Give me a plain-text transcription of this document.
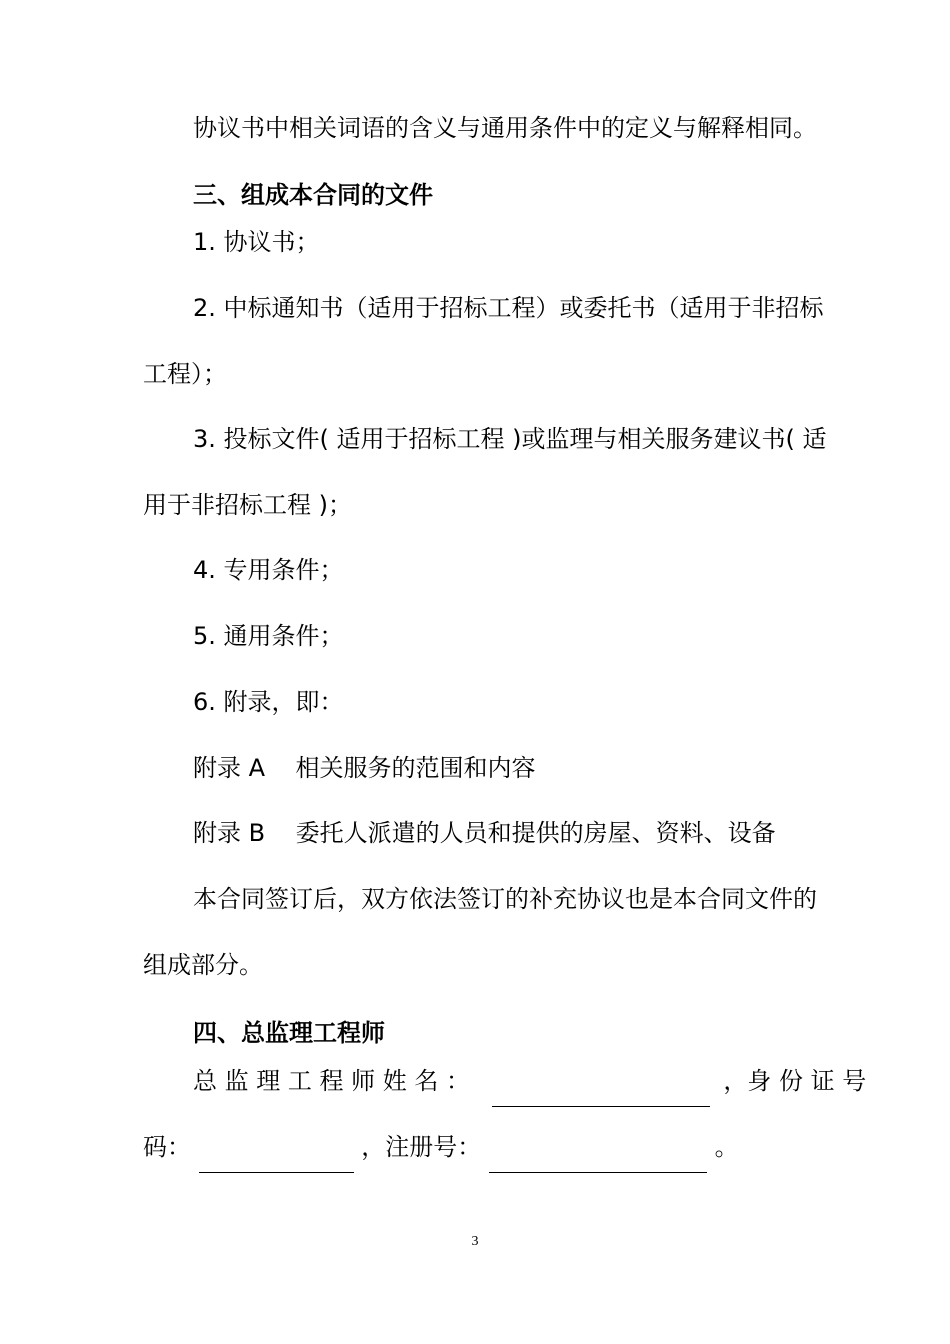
协议书中相关词语的含义与通用条件中的定义与解释相同。
三、组成本合同的文件
1. 协议书；
2. 中标通知书（适用于招标工程）或委托书（适用于非招标
工程）；
3. 投标文件( 适用于招标工程 )或监理与相关服务建议书( 适
用于非招标工程 )；
4. 专用条件；
5. 通用条件；
6. 附录，即：
附录 A    相关服务的范围和内容
附录 B    委托人派遣的人员和提供的房屋、资料、设备
本合同签订后，双方依法签订的补充协议也是本合同文件的
组成部分。
四、总监理工程师
总 监 理 工 程 师 姓 名 ：	，身 份 证 号
码：	，注册号：	。
3
